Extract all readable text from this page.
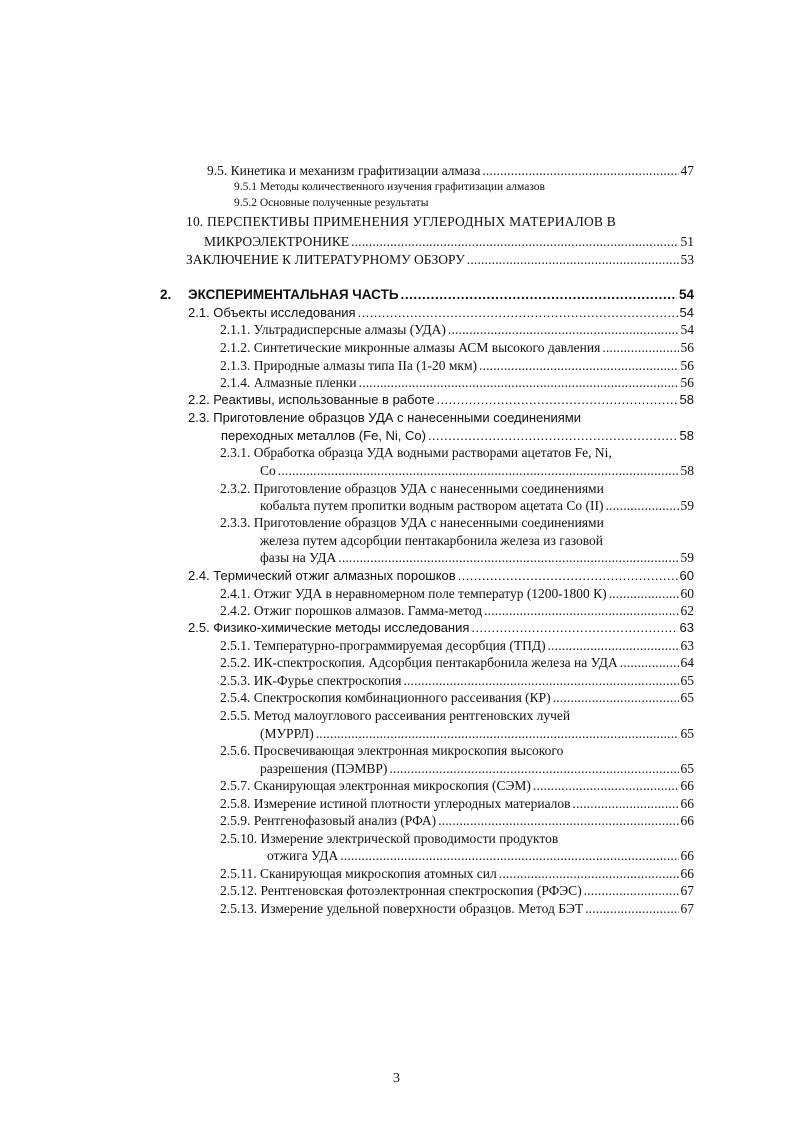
9.5. Кинетика и механизм графитизации алмаза . . .	47
9.5.1 Методы количественного изучения графитизации алмазов
9.5.2 Основные полученные результаты
10. ПЕРСПЕКТИВЫ ПРИМЕНЕНИЯ УГЛЕРОДНЫХ МАТЕРИАЛОВ В
МИКРОЭЛЕКТРОНИКЕ . . .	51
ЗАКЛЮЧЕНИЕ К ЛИТЕРАТУРНОМУ ОБЗОРУ . . .	53
2. ЭКСПЕРИМЕНТАЛЬНАЯ ЧАСТЬ . . .	54
2.1. Объекты исследования . . .	54
2.1.1. Ультрадисперсные алмазы (УДА) . . .	54
2.1.2. Синтетические микронные алмазы АСМ высокого давления . . .	56
2.1.3. Природные алмазы типа IIa (1-20 мкм) . . .	56
2.1.4. Алмазные пленки . . .	56
2.2. Реактивы, использованные в работе . . .	58
2.3. Приготовление образцов УДА с нанесенными соединениями
переходных металлов (Fe, Ni, Co) . . .	58
2.3.1. Обработка образца УДА водными растворами ацетатов Fe, Ni,
Co . . .	58
2.3.2. Приготовление образцов УДА с нанесенными соединениями
кобальта путем пропитки водным раствором ацетата Co (II) . . .	59
2.3.3. Приготовление образцов УДА с нанесенными соединениями
железа путем адсорбции пентакарбонила железа из газовой
фазы на УДА . . .	59
2.4. Термический отжиг алмазных порошков . . .	60
2.4.1. Отжиг УДА в неравномерном поле температур (1200-1800 К) . . .	60
2.4.2. Отжиг порошков алмазов. Гамма-метод . . .	62
2.5. Физико-химические методы исследования . . .	63
2.5.1. Температурно-программируемая десорбция (ТПД) . . .	63
2.5.2. ИК-спектроскопия. Адсорбция пентакарбонила железа на УДА . . .	64
2.5.3. ИК-Фурье спектроскопия . . .	65
2.5.4. Спектроскопия комбинационного рассеивания (КР) . . .	65
2.5.5. Метод малоуглового рассеивания рентгеновских лучей
(МУРРЛ) . . .	65
2.5.6. Просвечивающая электронная микроскопия высокого
разрешения (ПЭМВР) . . .	65
2.5.7. Сканирующая электронная микроскопия (СЭМ) . . .	66
2.5.8. Измерение истиной плотности углеродных материалов . . .	66
2.5.9. Рентгенофазовый анализ (РФА) . . .	66
2.5.10. Измерение электрической проводимости продуктов
отжига УДА . . .	66
2.5.11. Сканирующая микроскопия атомных сил . . .	66
2.5.12. Рентгеновская фотоэлектронная спектроскопия (РФЭС) . . .	67
2.5.13. Измерение удельной поверхности образцов. Метод БЭТ . . .	67
3
